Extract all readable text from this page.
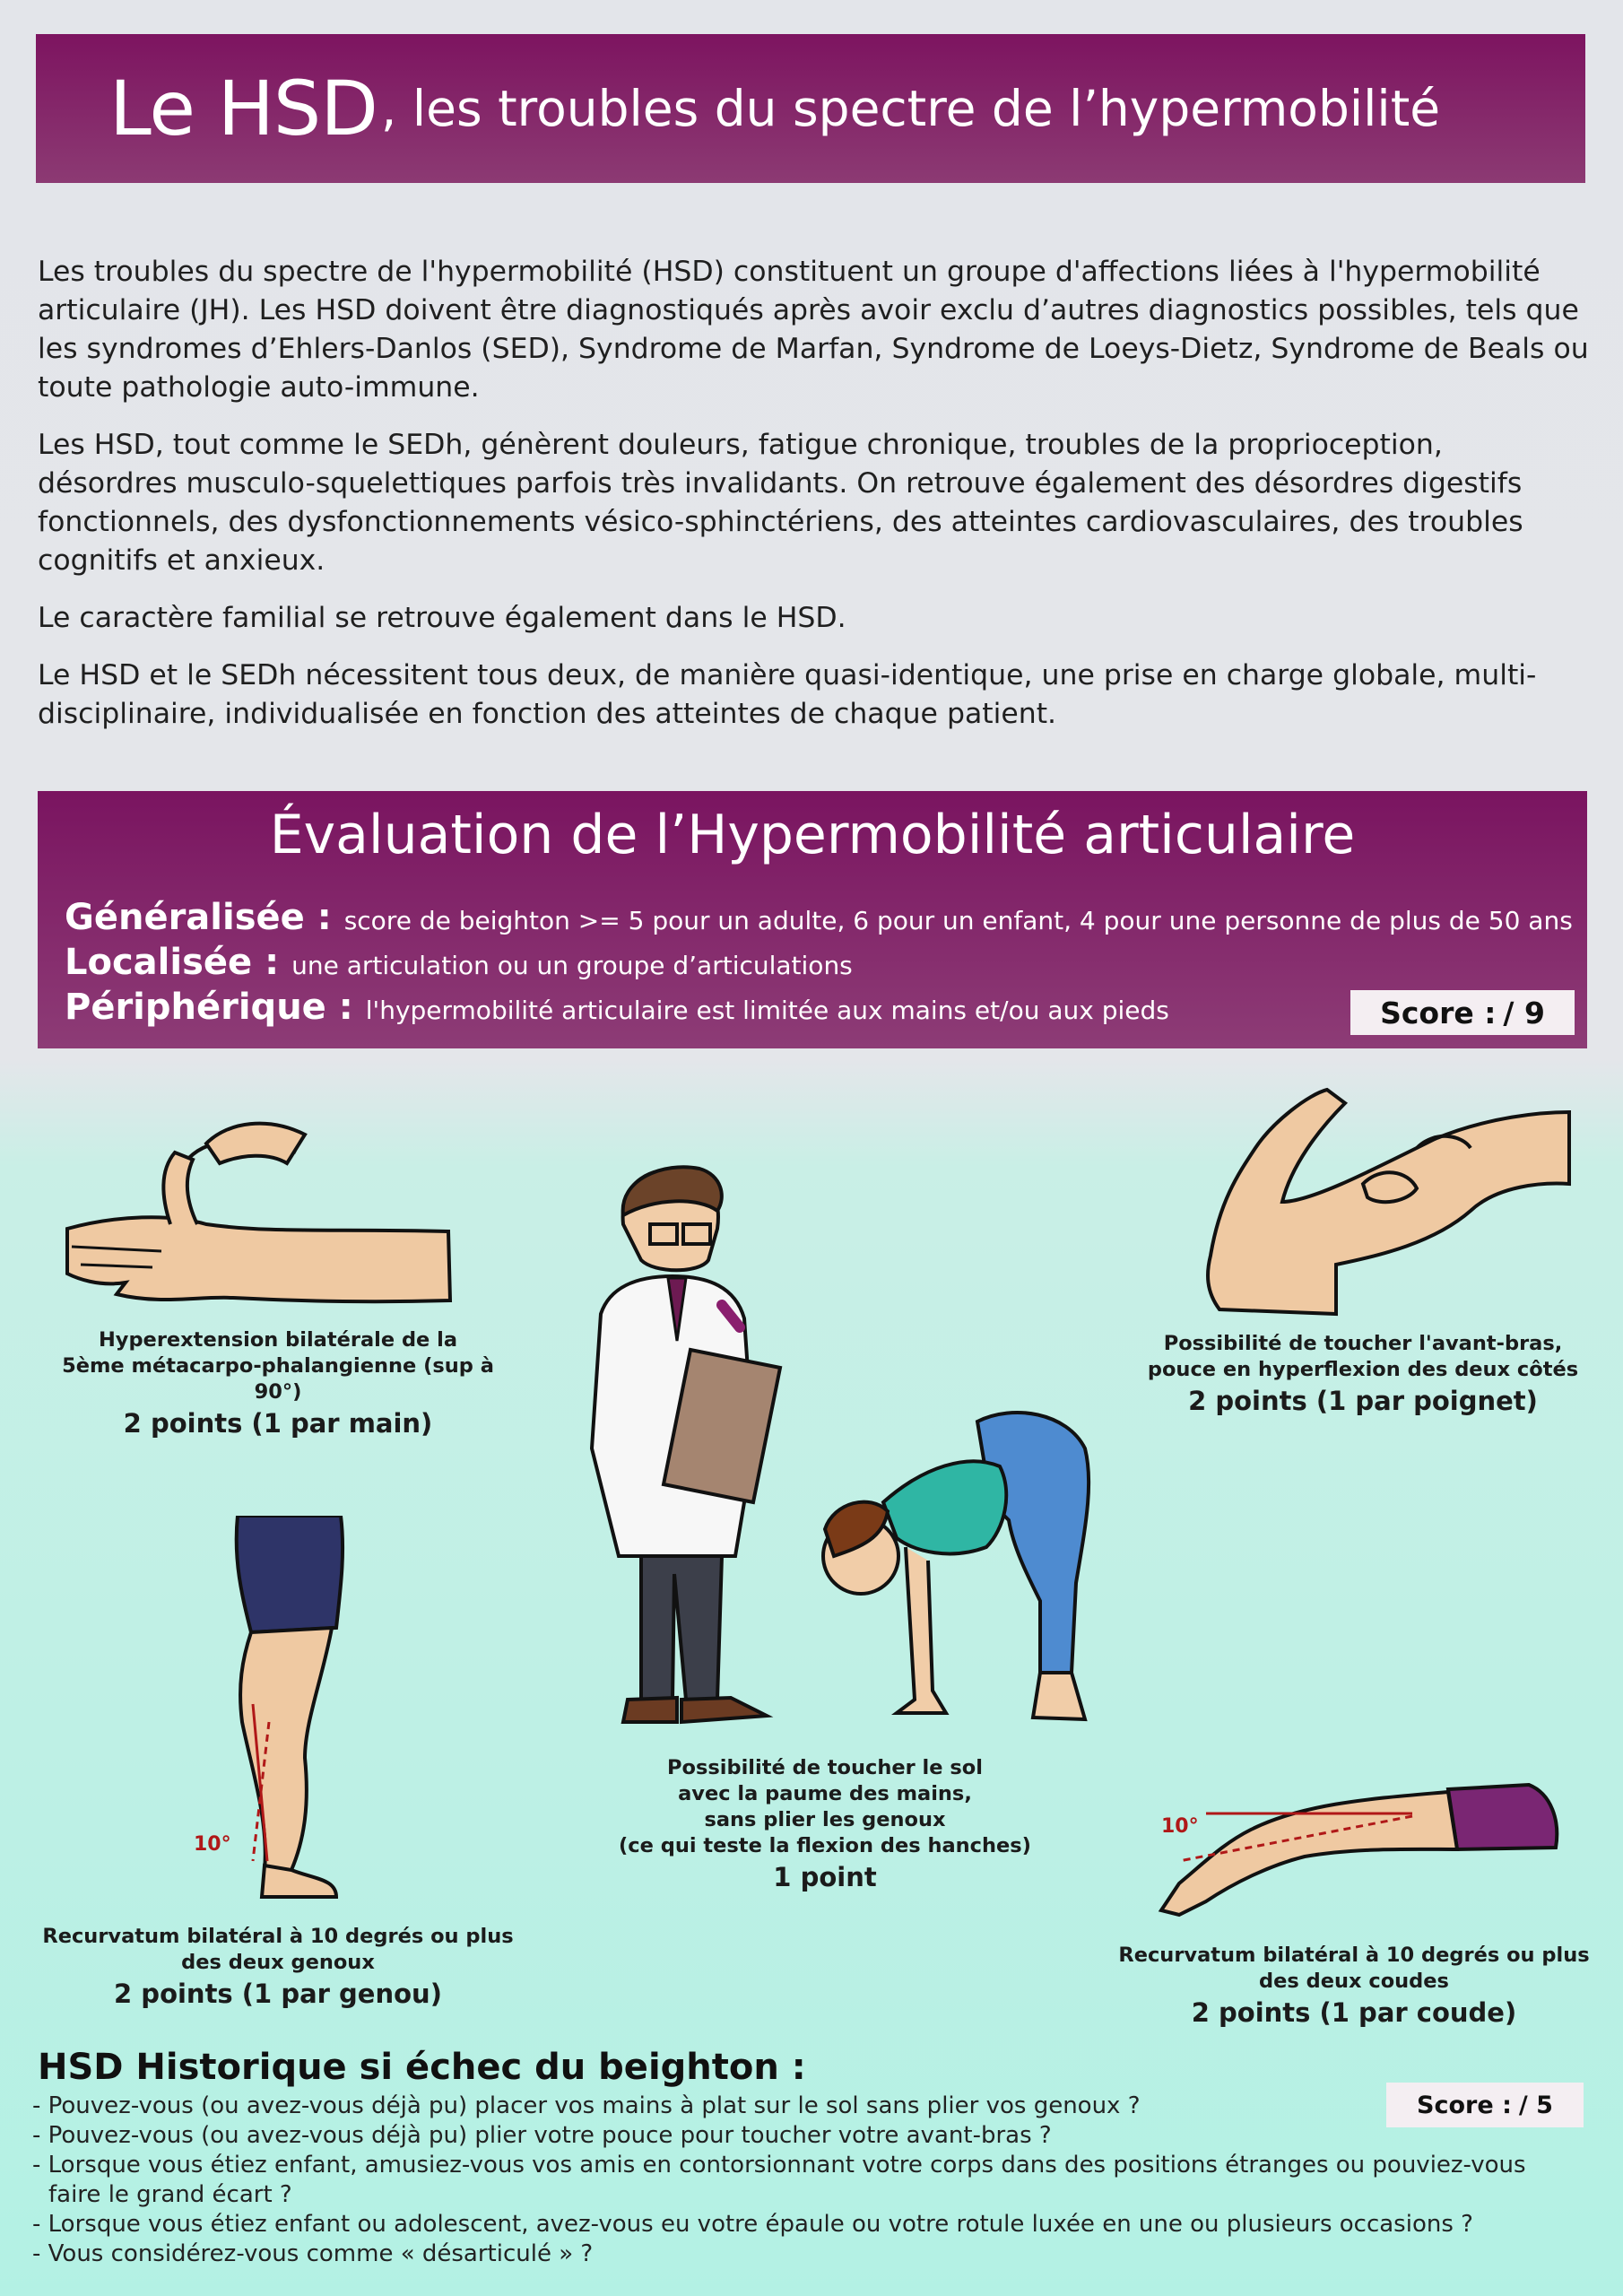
Le HSD , les troubles du spectre de l’hypermobilité

Les troubles du spectre de l'hypermobilité (HSD) constituent un groupe d'affections liées à l'hypermobilité articulaire (JH). Les HSD doivent être diagnostiqués après avoir exclu d’autres diagnostics possibles, tels que les syndromes d’Ehlers-Danlos (SED), Syndrome de Marfan, Syndrome de Loeys-Dietz, Syndrome de Beals ou toute pathologie auto-immune.

Les HSD, tout comme le SEDh, génèrent douleurs, fatigue chronique, troubles de la proprioception, désordres musculo-squelettiques parfois très invalidants. On retrouve également des désordres digestifs fonctionnels, des dysfonctionnements vésico-sphinctériens, des atteintes cardiovasculaires, des troubles cognitifs et anxieux.

Le caractère familial se retrouve également dans le HSD.

Le HSD et le SEDh nécessitent tous deux, de manière quasi-identique, une prise en charge globale, multi-disciplinaire, individualisée en fonction des atteintes de chaque patient.

Évaluation de l’Hypermobilité articulaire
Généralisée : score de beighton >= 5 pour un adulte, 6 pour un enfant, 4 pour une personne de plus de 50 ans
Localisée : une articulation ou un groupe d’articulations
Périphérique : l'hypermobilité articulaire est limitée aux mains et/ou aux pieds	Score : / 9
Hyperextension bilatérale de la
5ème métacarpo-phalangienne (sup à 90°)
2 points (1 par main)
Possibilité de toucher l'avant-bras,
pouce en hyperflexion des deux côtés
2 points (1 par poignet)
Possibilité de toucher le sol
avec la paume des mains,
sans plier les genoux
(ce qui teste la flexion des hanches)
1 point
10°
Recurvatum bilatéral à 10 degrés ou plus
des deux genoux
2 points (1 par genou)
10°
Recurvatum bilatéral à 10 degrés ou plus
des deux coudes
2 points (1 par coude)
HSD Historique si échec du beighton :
Score : / 5
- Pouvez-vous (ou avez-vous déjà pu) placer vos mains à plat sur le sol sans plier vos genoux ?
- Pouvez-vous (ou avez-vous déjà pu) plier votre pouce pour toucher votre avant-bras ?
- Lorsque vous étiez enfant, amusiez-vous vos amis en contorsionnant votre corps dans des positions étranges ou pouviez-vous faire le grand écart ?
- Lorsque vous étiez enfant ou adolescent, avez-vous eu votre épaule ou votre rotule luxée en une ou plusieurs occasions ?
- Vous considérez-vous comme « désarticulé » ?
